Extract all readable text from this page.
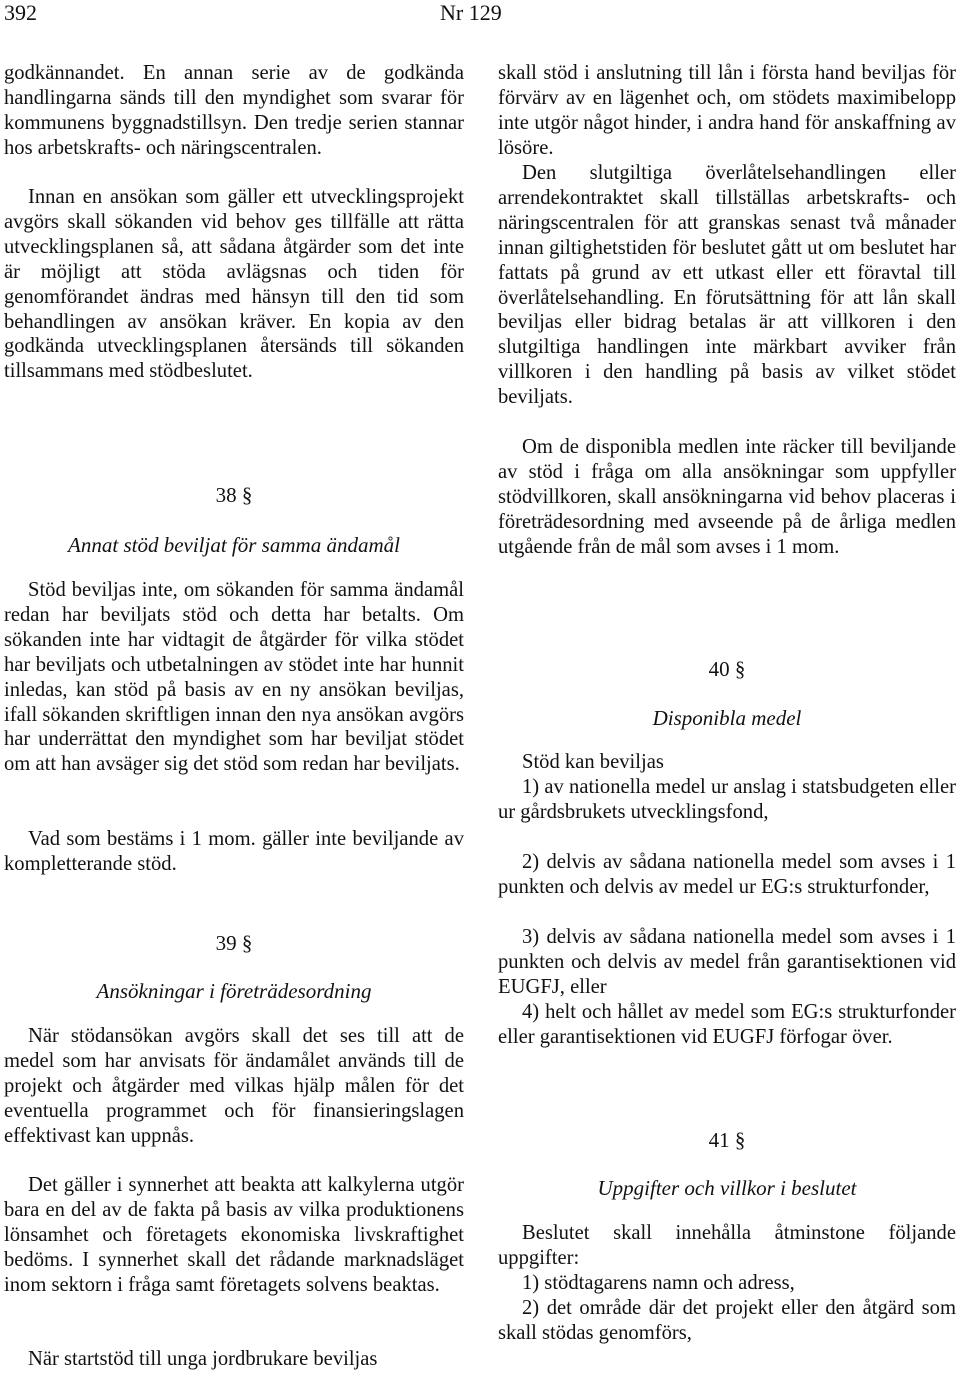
392	Nr 129

godkännandet. En annan serie av de godkända handlingarna sänds till den myndighet som svarar för kommunens byggnadstillsyn. Den tredje serien stannar hos arbetskrafts- och näringscentralen.

Innan en ansökan som gäller ett utvecklingsprojekt avgörs skall sökanden vid behov ges tillfälle att rätta utvecklingsplanen så, att sådana åtgärder som det inte är möjligt att stöda avlägsnas och tiden för genomförandet ändras med hänsyn till den tid som behandlingen av ansökan kräver. En kopia av den godkända utvecklingsplanen återsänds till sökanden tillsammans med stödbeslutet.

38 §

Annat stöd beviljat för samma ändamål

Stöd beviljas inte, om sökanden för samma ändamål redan har beviljats stöd och detta har betalts. Om sökanden inte har vidtagit de åtgärder för vilka stödet har beviljats och utbetalningen av stödet inte har hunnit inledas, kan stöd på basis av en ny ansökan beviljas, ifall sökanden skriftligen innan den nya ansökan avgörs har underrättat den myndighet som har beviljat stödet om att han avsäger sig det stöd som redan har beviljats.

Vad som bestäms i 1 mom. gäller inte beviljande av kompletterande stöd.

39 §

Ansökningar i företrädesordning

När stödansökan avgörs skall det ses till att de medel som har anvisats för ändamålet används till de projekt och åtgärder med vilkas hjälp målen för det eventuella programmet och för finansieringslagen effektivast kan uppnås.

Det gäller i synnerhet att beakta att kalkylerna utgör bara en del av de fakta på basis av vilka produktionens lönsamhet och företagets ekonomiska livskraftighet bedöms. I synnerhet skall det rådande marknadsläget inom sektorn i fråga samt företagets solvens beaktas.

När startstöd till unga jordbrukare beviljas

skall stöd i anslutning till lån i första hand beviljas för förvärv av en lägenhet och, om stödets maximibelopp inte utgör något hinder, i andra hand för anskaffning av lösöre.

Den slutgiltiga överlåtelsehandlingen eller arrendekontraktet skall tillställas arbetskrafts- och näringscentralen för att granskas senast två månader innan giltighetstiden för beslutet gått ut om beslutet har fattats på grund av ett utkast eller ett föravtal till överlåtelsehandling. En förutsättning för att lån skall beviljas eller bidrag betalas är att villkoren i den slutgiltiga handlingen inte märkbart avviker från villkoren i den handling på basis av vilket stödet beviljats.

Om de disponibla medlen inte räcker till beviljande av stöd i fråga om alla ansökningar som uppfyller stödvillkoren, skall ansökningarna vid behov placeras i företrädesordning med avseende på de årliga medlen utgående från de mål som avses i 1 mom.

40 §

Disponibla medel

Stöd kan beviljas

1) av nationella medel ur anslag i statsbudgeten eller ur gårdsbrukets utvecklingsfond,

2) delvis av sådana nationella medel som avses i 1 punkten och delvis av medel ur EG:s strukturfonder,

3) delvis av sådana nationella medel som avses i 1 punkten och delvis av medel från garantisektionen vid EUGFJ, eller

4) helt och hållet av medel som EG:s strukturfonder eller garantisektionen vid EUGFJ förfogar över.

41 §

Uppgifter och villkor i beslutet

Beslutet skall innehålla åtminstone följande uppgifter:

1) stödtagarens namn och adress,

2) det område där det projekt eller den åtgärd som skall stödas genomförs,
